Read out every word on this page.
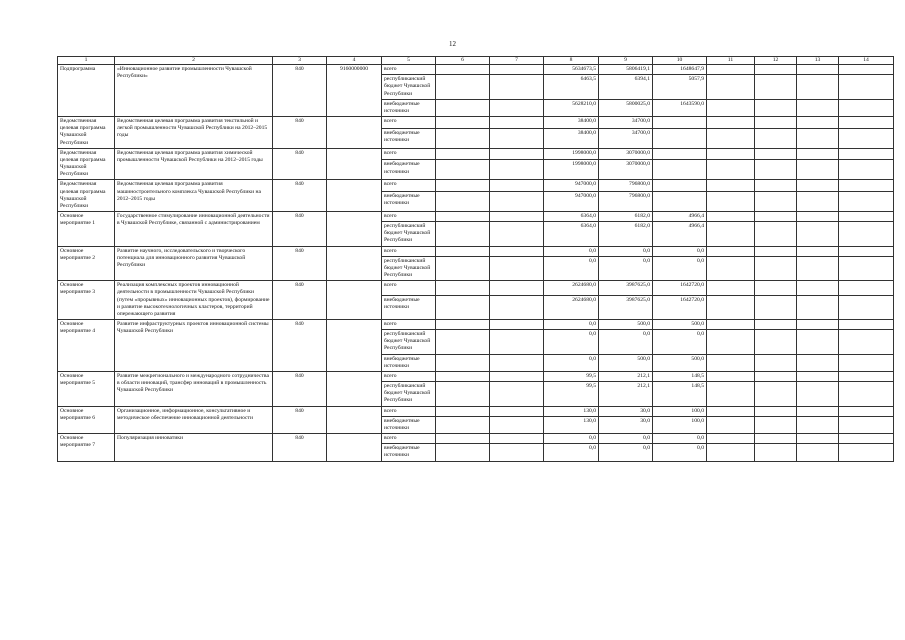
12
1	2	3	4	5	6	7	8	9	10	11	12	13	14
Подпрограмма	«Инновационное развитие промышленности Чувашской Республики»	840	9160000000	всего			5634673,5	5806419,1	1648647,9				
				республиканский бюджет Чувашской Республики			6463,5	6394,1	5057,9				
				внебюджетные источники			5628210,0	5800025,0	1643590,0				
Ведомственная целевая программа Чувашской Республики	Ведомственная целевая программа развития текстильной и легкой промышленности Чувашской Республики на 2012–2015 годы	840		всего			38400,0	34700,0					
				внебюджетные источники			38400,0	34700,0					
Ведомственная целевая программа Чувашской Республики	Ведомственная целевая программа развития химической промышленности Чувашской Республики на 2012–2015 годы	840		всего			1998000,0	3070000,0					
				внебюджетные источники			1998000,0	3070000,0					
Ведомственная целевая программа Чувашской Республики	Ведомственная целевая программа развития машиностроительного комплекса Чувашской Республики на 2012–2015 годы	840		всего			947000,0	796800,0					
				внебюджетные источники			947000,0	796800,0					
Основное мероприятие 1	Государственное стимулирование инновационной деятельности в Чувашской Республике, связанной с администрированием	840		всего			6364,0	6182,0	4966,4				
				республиканский бюджет Чувашской Республики			6364,0	6182,0	4966,4				
Основное мероприятие 2	Развитие научного, исследовательского и творческого потенциала для инновационного развития Чувашской Республики	840		всего			0,0	0,0	0,0				
				республиканский бюджет Чувашской Республики			0,0	0,0	0,0				
Основное мероприятие 3	Реализация комплексных проектов инновационной деятельности в промышленности Чувашской Республики (путем «прорывных» инновационных проектов), формирование и развитие высокотехнологичных кластеров, территорий опережающего развития	840		всего			2624680,0	3987625,0	1642720,0				
				внебюджетные источники			2624680,0	3987625,0	1642720,0				
Основное мероприятие 4	Развитие инфраструктурных проектов инновационной системы Чувашской Республики	840		всего			0,0	500,0	500,0				
				республиканский бюджет Чувашской Республики			0,0	0,0	0,0				
				внебюджетные источники			0,0	500,0	500,0				
Основное мероприятие 5	Развитие межрегионального и международного сотрудничества в области инноваций, трансфер инноваций в промышленность Чувашской Республики	840		всего			99,5	212,1	148,5				
				республиканский бюджет Чувашской Республики			99,5	212,1	148,5				
Основное мероприятие 6	Организационное, информационное, консультативное и методическое обеспечение инновационной деятельности	840		всего			130,0	30,0	100,0				
				внебюджетные источники			130,0	30,0	100,0				
Основное мероприятие 7	Популяризация инноватики	840		всего			0,0	0,0	0,0				
				внебюджетные источники			0,0	0,0	0,0				
